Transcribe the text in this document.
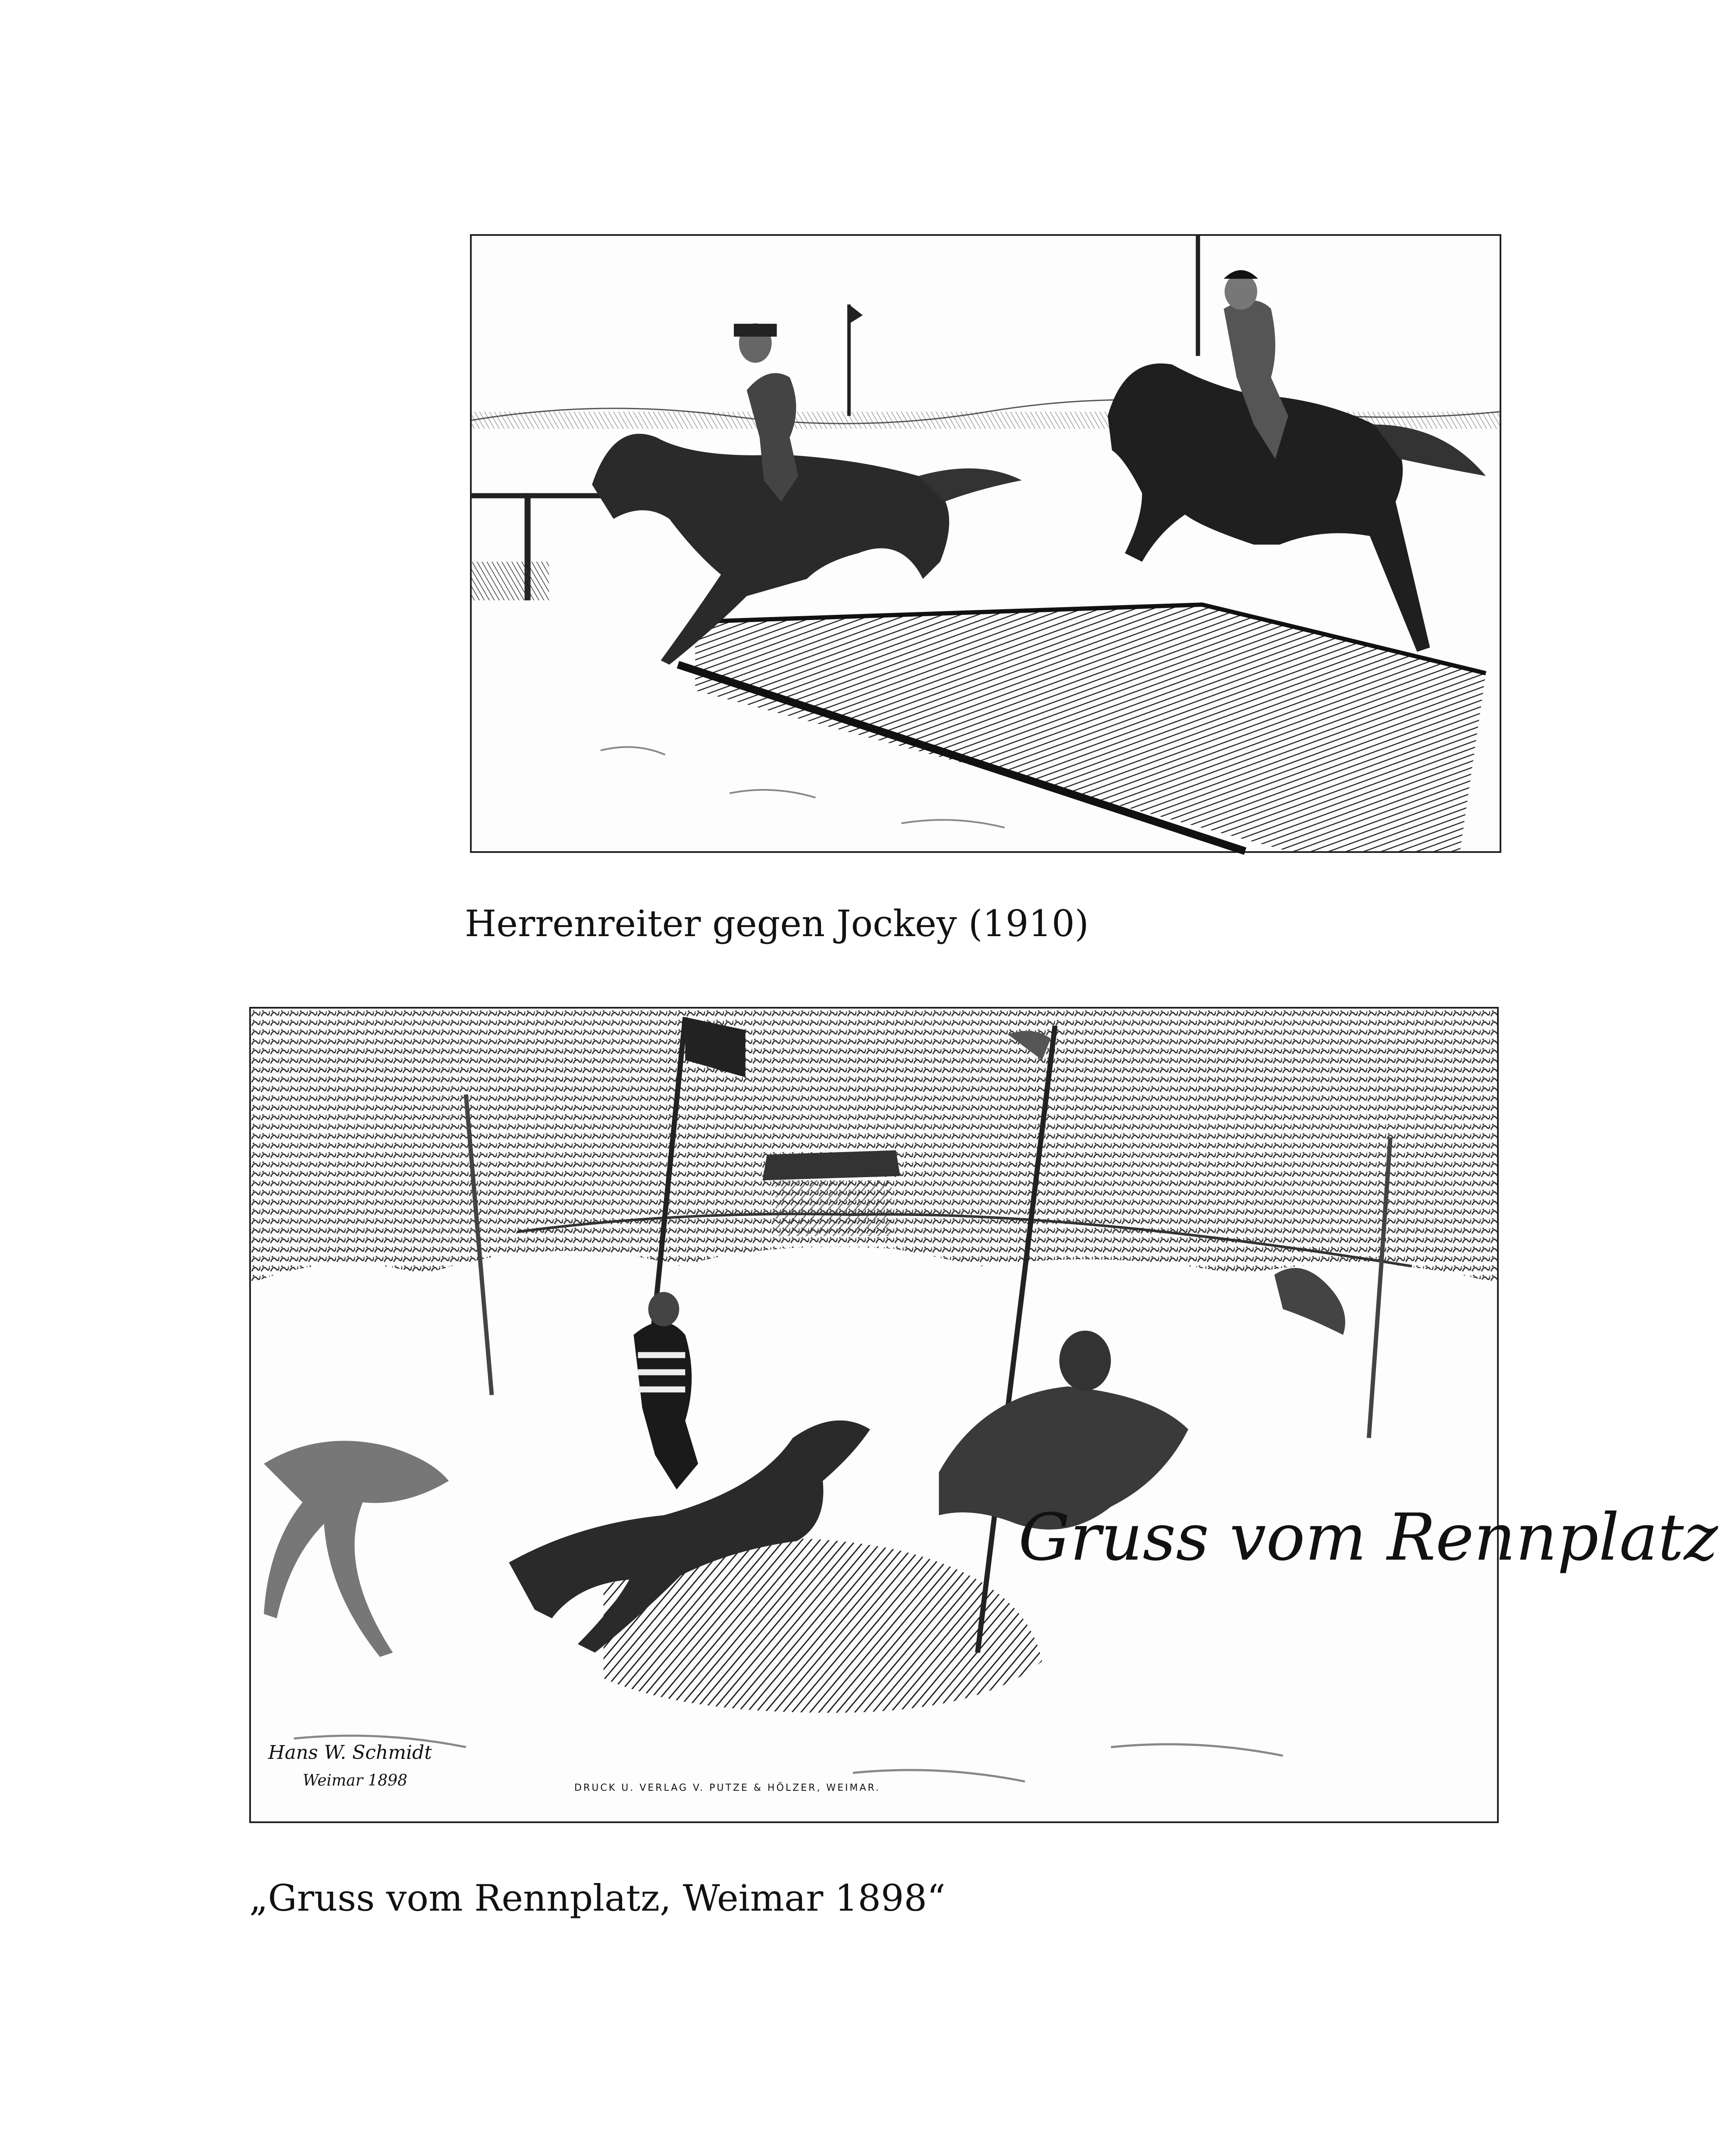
Herrenreiter gegen Jockey (1910)
Gruss vom Rennplatz
DRUCK U. VERLAG V. PUTZE & HÖLZER, WEIMAR.
Hans W. Schmidt
Weimar 1898
„Gruss vom Rennplatz, Weimar 1898“
